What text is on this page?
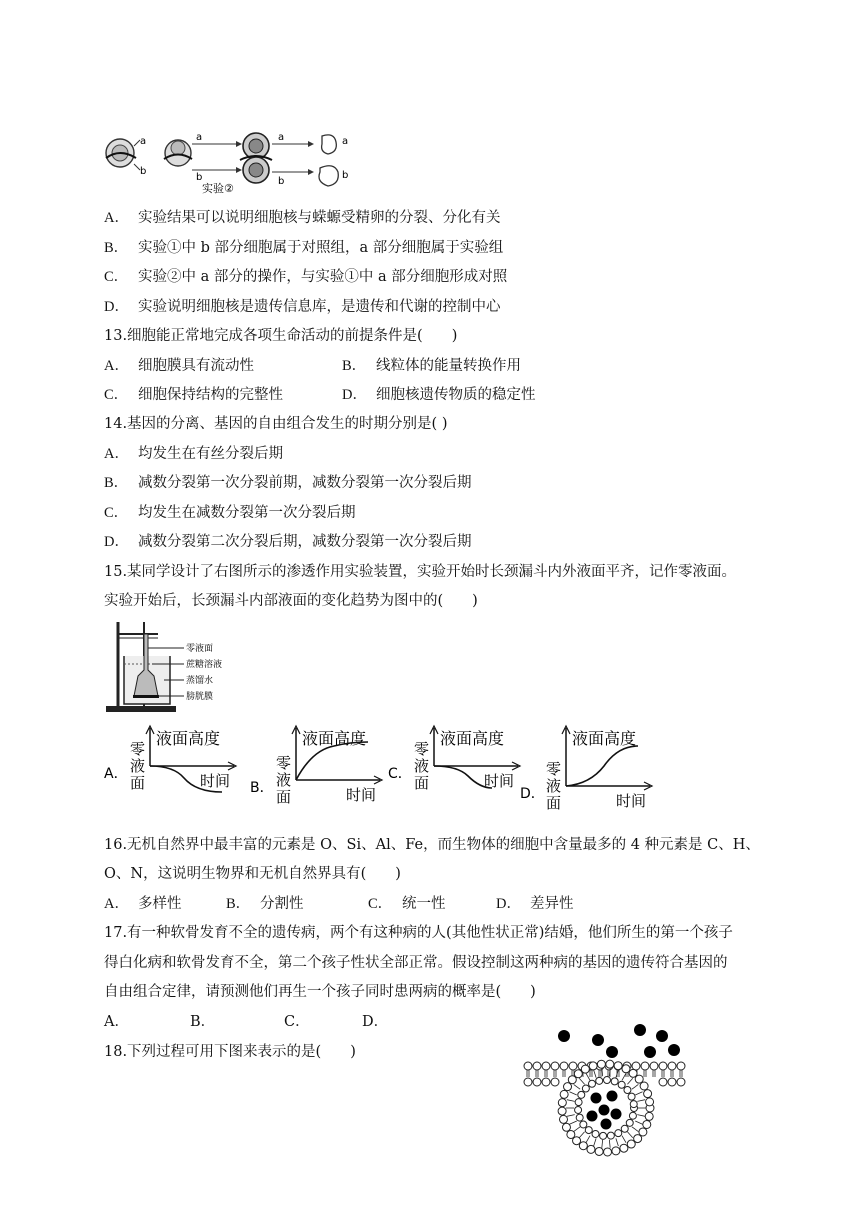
a
b
a
b
a
b
a
b
实验②
A． 实验结果可以说明细胞核与蝾螈受精卵的分裂、分化有关
B． 实验①中 b 部分细胞属于对照组，a 部分细胞属于实验组
C． 实验②中 a 部分的操作，与实验①中 a 部分细胞形成对照
D． 实验说明细胞核是遗传信息库，是遗传和代谢的控制中心
13.细胞能正常地完成各项生命活动的前提条件是(　　)
A． 细胞膜具有流动性	B． 线粒体的能量转换作用
C． 细胞保持结构的完整性	D． 细胞核遗传物质的稳定性
14.基因的分离、基因的自由组合发生的时期分别是( )
A． 均发生在有丝分裂后期
B． 减数分裂第一次分裂前期，减数分裂第一次分裂后期
C． 均发生在减数分裂第一次分裂后期
D． 减数分裂第二次分裂后期，减数分裂第一次分裂后期
15.某同学设计了右图所示的渗透作用实验装置，实验开始时长颈漏斗内外液面平齐，记作零液面。
实验开始后，长颈漏斗内部液面的变化趋势为图中的(　　)
零液面
蔗糖溶液
蒸馏水
膀胱膜
A．
液面高度
零
液
面	时间 B．
液面高度
零
液
面	时间
C．
液面高度
零
液
面	时间
D．
液面高度
零
液
面	时间
16.无机自然界中最丰富的元素是 O、Si、Al、Fe，而生物体的细胞中含量最多的 4 种元素是 C、H、
O、N，这说明生物界和无机自然界具有(　　)
A． 多样性	B． 分割性	C． 统一性	D． 差异性
17.有一种软骨发育不全的遗传病，两个有这种病的人(其他性状正常)结婚，他们所生的第一个孩子
得白化病和软骨发育不全，第二个孩子性状全部正常。假设控制这两种病的基因的遗传符合基因的
自由组合定律，请预测他们再生一个孩子同时患两病的概率是(　　)
A．	B．	C．	D．
18.下列过程可用下图来表示的是(　　)
